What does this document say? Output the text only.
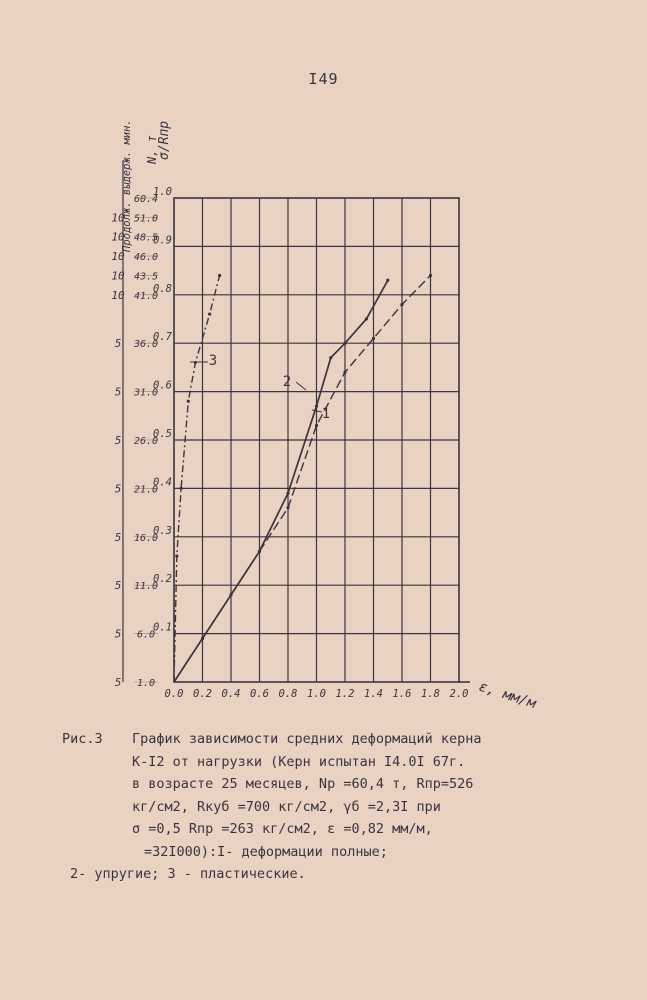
I49
0.0 0.2 0.4 0.6 0.8 1.0 1.2 1.4 1.6 1.8 2.0
0.1
0.2
0.3
0.4
0.5
0.6
0.7
0.8
0.9
1.0
1.0
6.0
11.0
16.0
21.0
26.0
31.0
36.0
41.0
43.5
46.0
48.5
51.0
60.4
5
5
5
5
5
5
5
5
10
10
10
10
10
1
2
3
ε, мм/м
σ/Rпр
Продолж. выдерж. мин. N, т
Рис.3 График зависимости средних деформаций керна
К-I2 от нагрузки (Керн испытан I4.0I 67г.
в возрасте 25 месяцев, Nр =60,4 т, Rпр=526
кг/см2, Rкуб =700 кг/см2, γб =2,3I при
σ =0,5 Rпр =263 кг/см2, ε =0,82 мм/м,
=32I000):I- деформации полные;
2- упругие; 3 - пластические.
